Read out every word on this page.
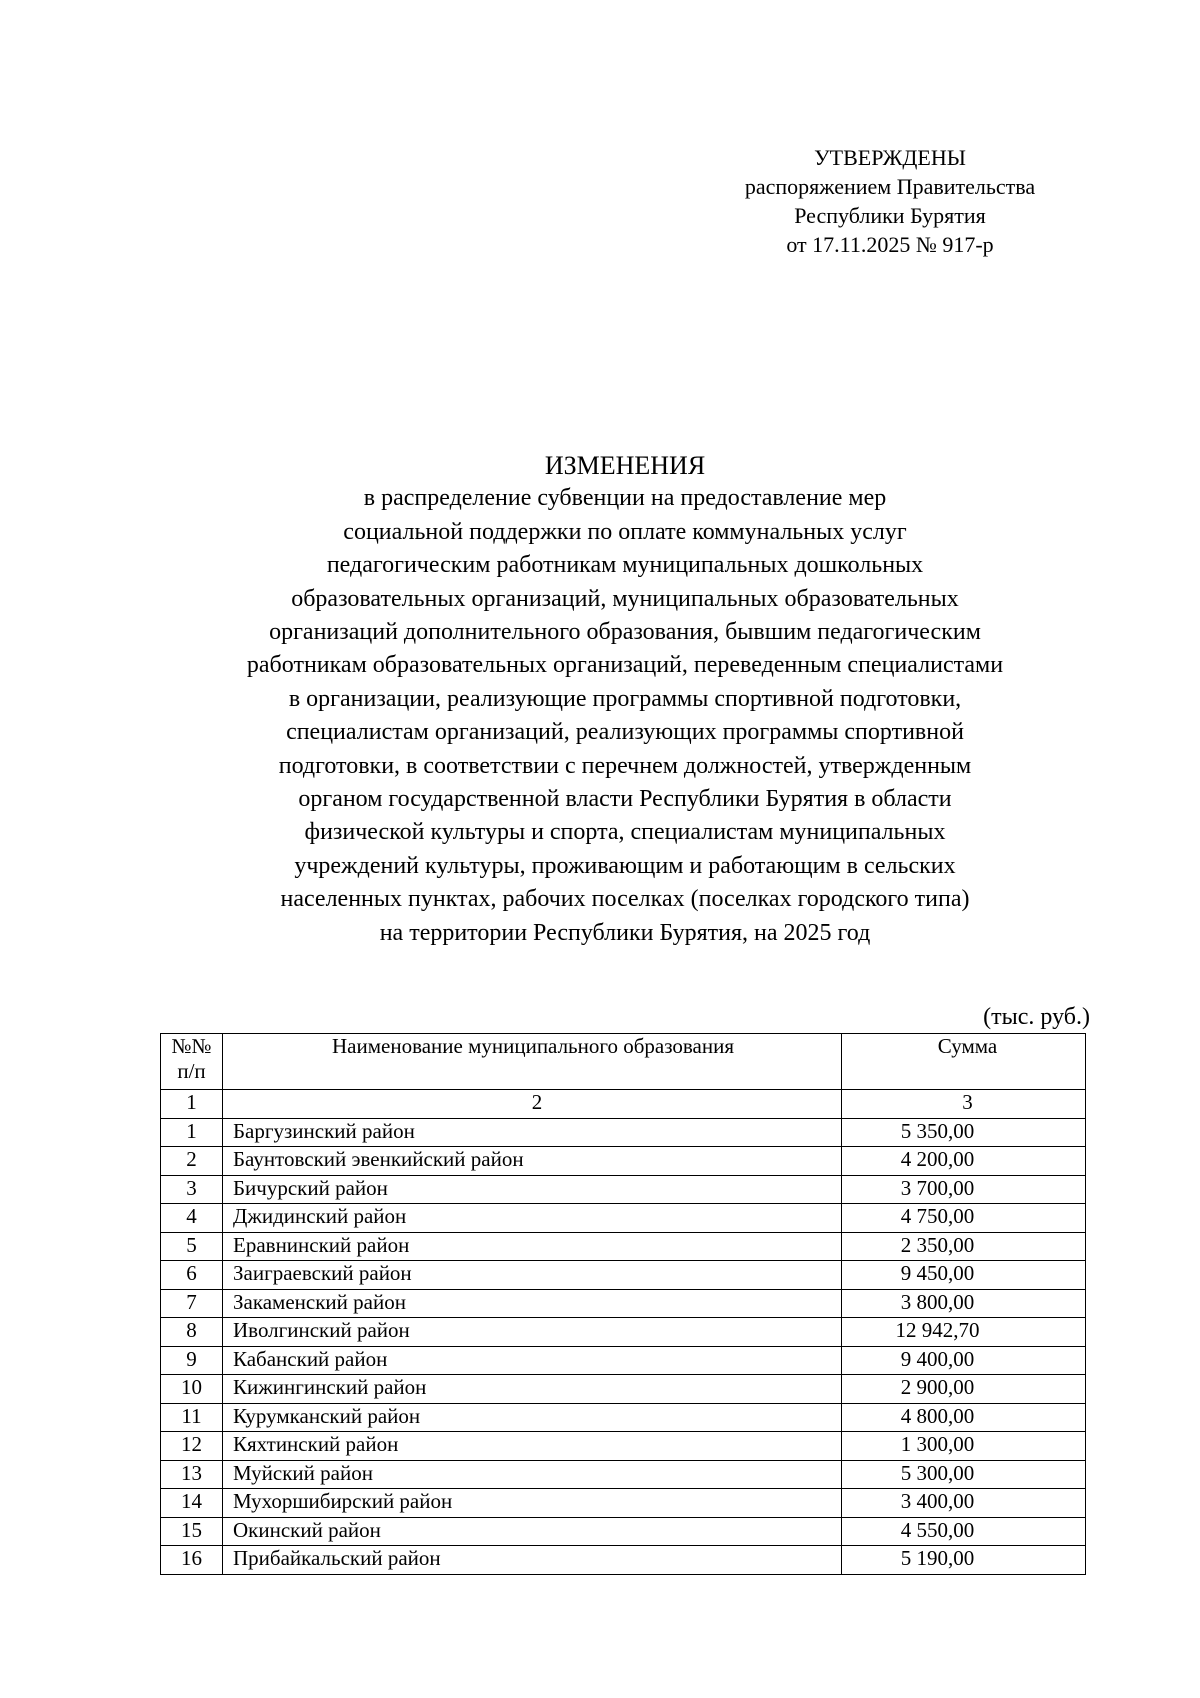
УТВЕРЖДЕНЫ
распоряжением Правительства
Республики Бурятия
от 17.11.2025 № 917-р
ИЗМЕНЕНИЯ
в распределение субвенции на предоставление мер
социальной поддержки по оплате коммунальных услуг
педагогическим работникам муниципальных дошкольных
образовательных организаций, муниципальных образовательных
организаций дополнительного образования, бывшим педагогическим
работникам образовательных организаций, переведенным специалистами
в организации, реализующие программы спортивной подготовки,
специалистам организаций, реализующих программы спортивной
подготовки, в соответствии с перечнем должностей, утвержденным
органом государственной власти Республики Бурятия в области
физической культуры и спорта, специалистам муниципальных
учреждений культуры, проживающим и работающим в сельских
населенных пунктах, рабочих поселках (поселках городского типа)
на территории Республики Бурятия, на 2025 год
(тыс. руб.)
№№
п/п	Наименование муниципального образования	Сумма
1	2	3
1	Баргузинский район	5 350,00
2	Баунтовский эвенкийский район	4 200,00
3	Бичурский район	3 700,00
4	Джидинский район	4 750,00
5	Еравнинский район	2 350,00
6	Заиграевский район	9 450,00
7	Закаменский район	3 800,00
8	Иволгинский район	12 942,70
9	Кабанский район	9 400,00
10	Кижингинский район	2 900,00
11	Курумканский район	4 800,00
12	Кяхтинский район	1 300,00
13	Муйский район	5 300,00
14	Мухоршибирский район	3 400,00
15	Окинский район	4 550,00
16	Прибайкальский район	5 190,00
